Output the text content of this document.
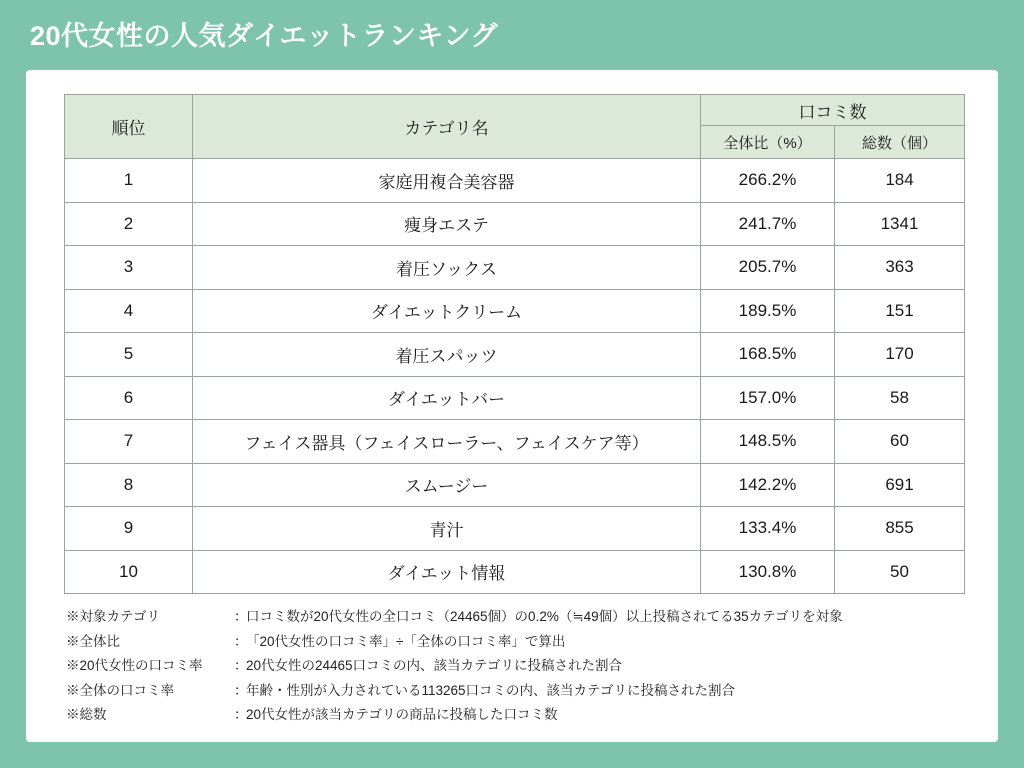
20代女性の人気ダイエットランキング
順位	カテゴリ名	口コミ数	
		全体比（%）	総数（個）
1	家庭用複合美容器	266.2%	184
2	痩身エステ	241.7%	1341
3	着圧ソックス	205.7%	363
4	ダイエットクリーム	189.5%	151
5	着圧スパッツ	168.5%	170
6	ダイエットバー	157.0%	58
7	フェイス器具（フェイスローラー、フェイスケア等）	148.5%	60
8	スムージー	142.2%	691
9	青汁	133.4%	855
10	ダイエット情報	130.8%	50
※対象カテゴリ	：
口コミ数が20代女性の全口コミ（24465個）の0.2%（≒49個）以上投稿されてる35カテゴリを対象
※全体比	：
「20代女性の口コミ率」÷「全体の口コミ率」で算出
※20代女性の口コミ率	：
20代女性の24465口コミの内、該当カテゴリに投稿された割合
※全体の口コミ率	：
年齢・性別が入力されている113265口コミの内、該当カテゴリに投稿された割合
※総数	：
20代女性が該当カテゴリの商品に投稿した口コミ数
